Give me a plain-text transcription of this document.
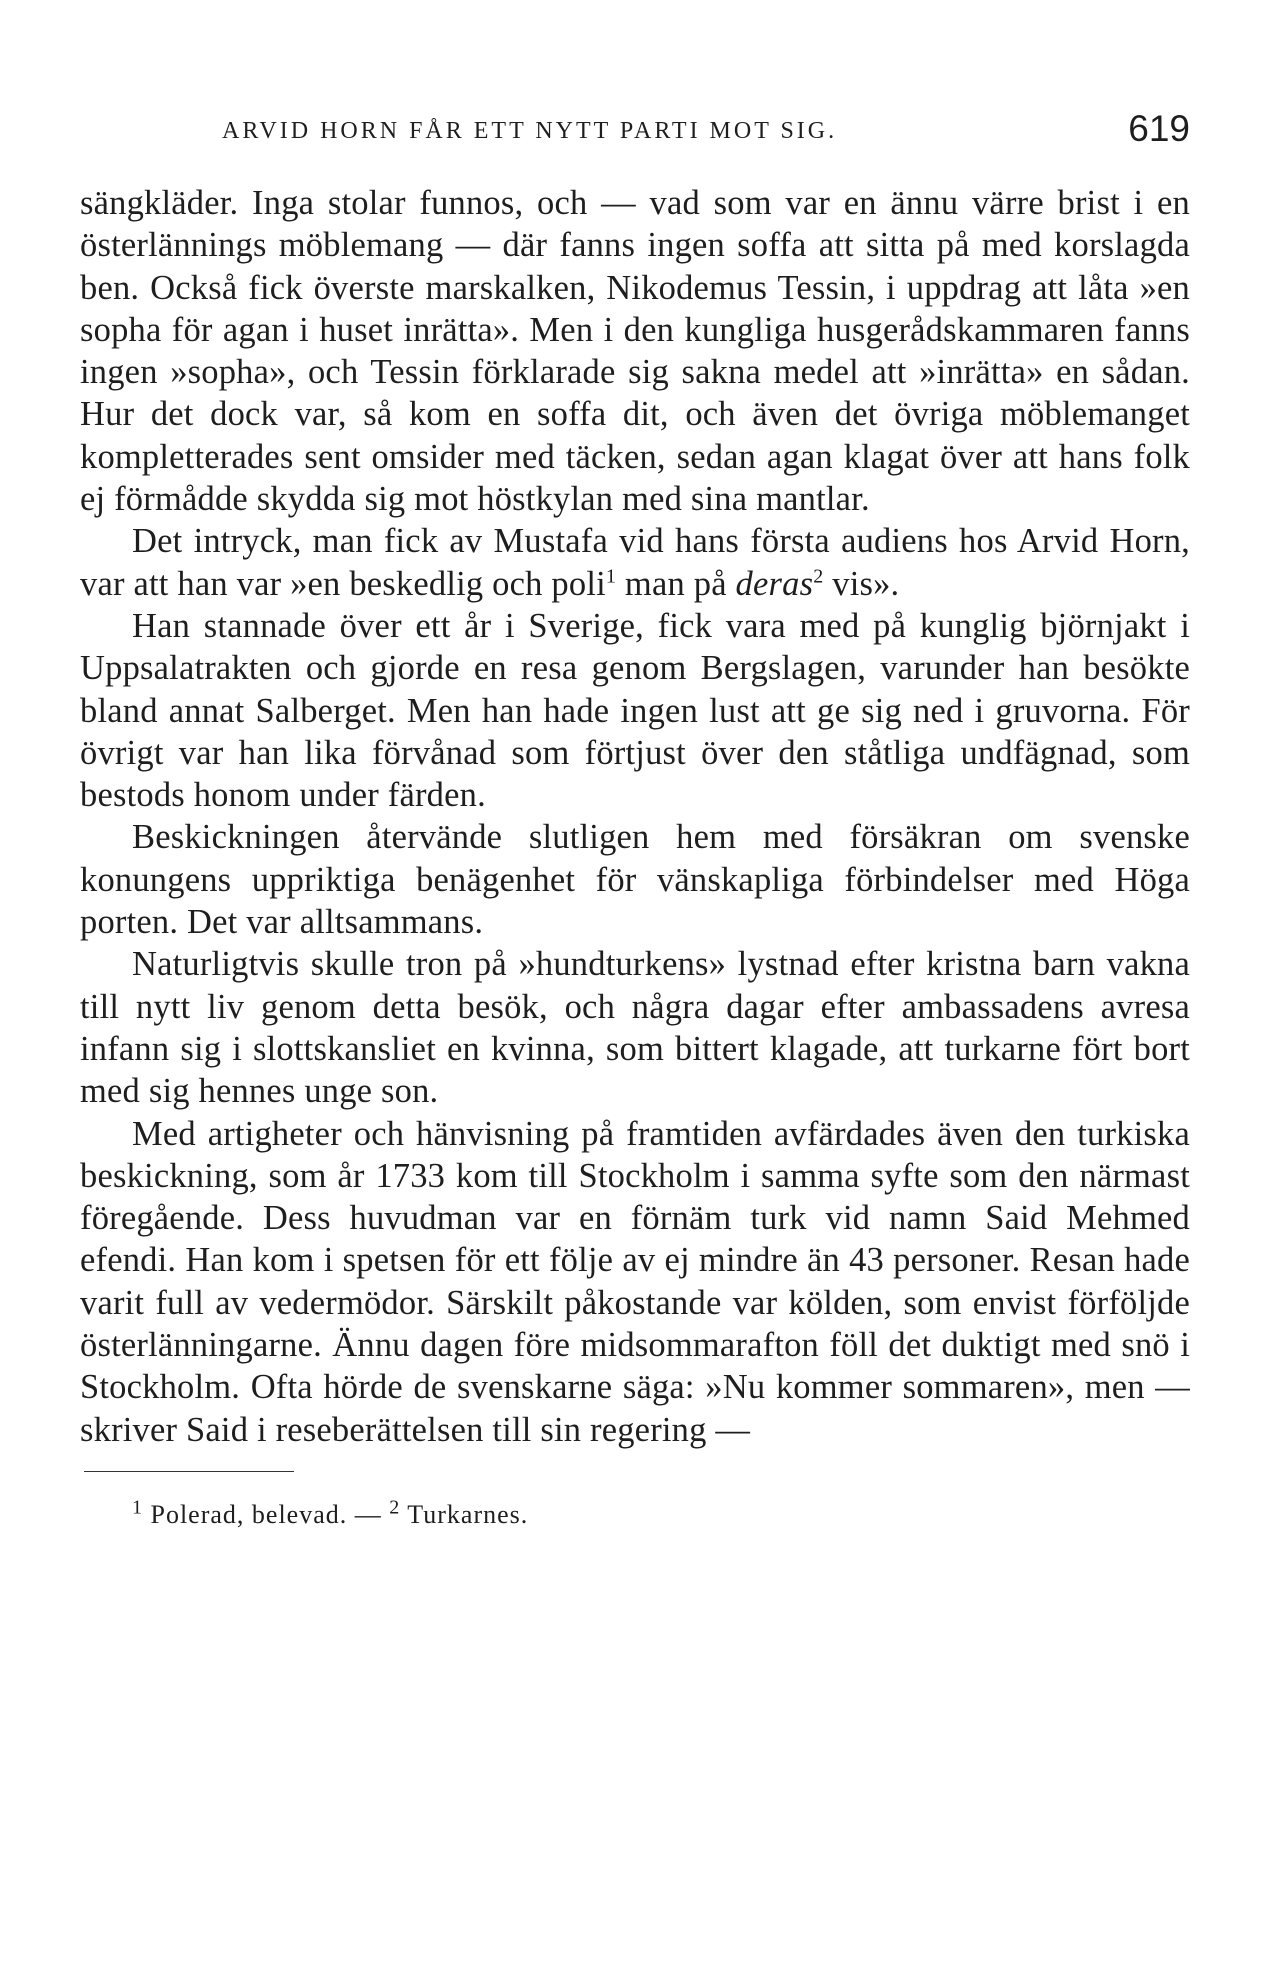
ARVID HORN FÅR ETT NYTT PARTI MOT SIG.	619

sängkläder. Inga stolar funnos, och — vad som var en ännu värre brist i en österlännings möblemang — där fanns ingen soffa att sitta på med korslagda ben. Också fick överste marskalken, Nikodemus Tessin, i uppdrag att låta »en sopha för agan i huset inrätta». Men i den kungliga husgerådskammaren fanns ingen »sopha», och Tessin förklarade sig sakna medel att »inrätta» en sådan. Hur det dock var, så kom en soffa dit, och även det övriga möblemanget kompletterades sent omsider med täcken, sedan agan klagat över att hans folk ej förmådde skydda sig mot höstkylan med sina mantlar.

Det intryck, man fick av Mustafa vid hans första audiens hos Arvid Horn, var att han var »en beskedlig och poli$^1$ man på deras$^2$ vis».

Han stannade över ett år i Sverige, fick vara med på kunglig björnjakt i Uppsalatrakten och gjorde en resa genom Bergslagen, varunder han besökte bland annat Salberget. Men han hade ingen lust att ge sig ned i gruvorna. För övrigt var han lika förvånad som förtjust över den ståtliga undfägnad, som bestods honom under färden.

Beskickningen återvände slutligen hem med försäkran om svenske konungens uppriktiga benägenhet för vänskapliga förbindelser med Höga porten. Det var alltsammans.

Naturligtvis skulle tron på »hundturkens» lystnad efter kristna barn vakna till nytt liv genom detta besök, och några dagar efter ambassadens avresa infann sig i slottskansliet en kvinna, som bittert klagade, att turkarne fört bort med sig hennes unge son.

Med artigheter och hänvisning på framtiden avfärdades även den turkiska beskickning, som år 1733 kom till Stockholm i samma syfte som den närmast föregående. Dess huvudman var en förnäm turk vid namn Said Mehmed efendi. Han kom i spetsen för ett följe av ej mindre än 43 personer. Resan hade varit full av vedermödor. Särskilt påkostande var kölden, som envist förföljde österlänningarne. Ännu dagen före midsommarafton föll det duktigt med snö i Stockholm. Ofta hörde de svenskarne säga: »Nu kommer sommaren», men — skriver Said i reseberättelsen till sin regering —

$^1$ Polerad, belevad. — $^2$ Turkarnes.
